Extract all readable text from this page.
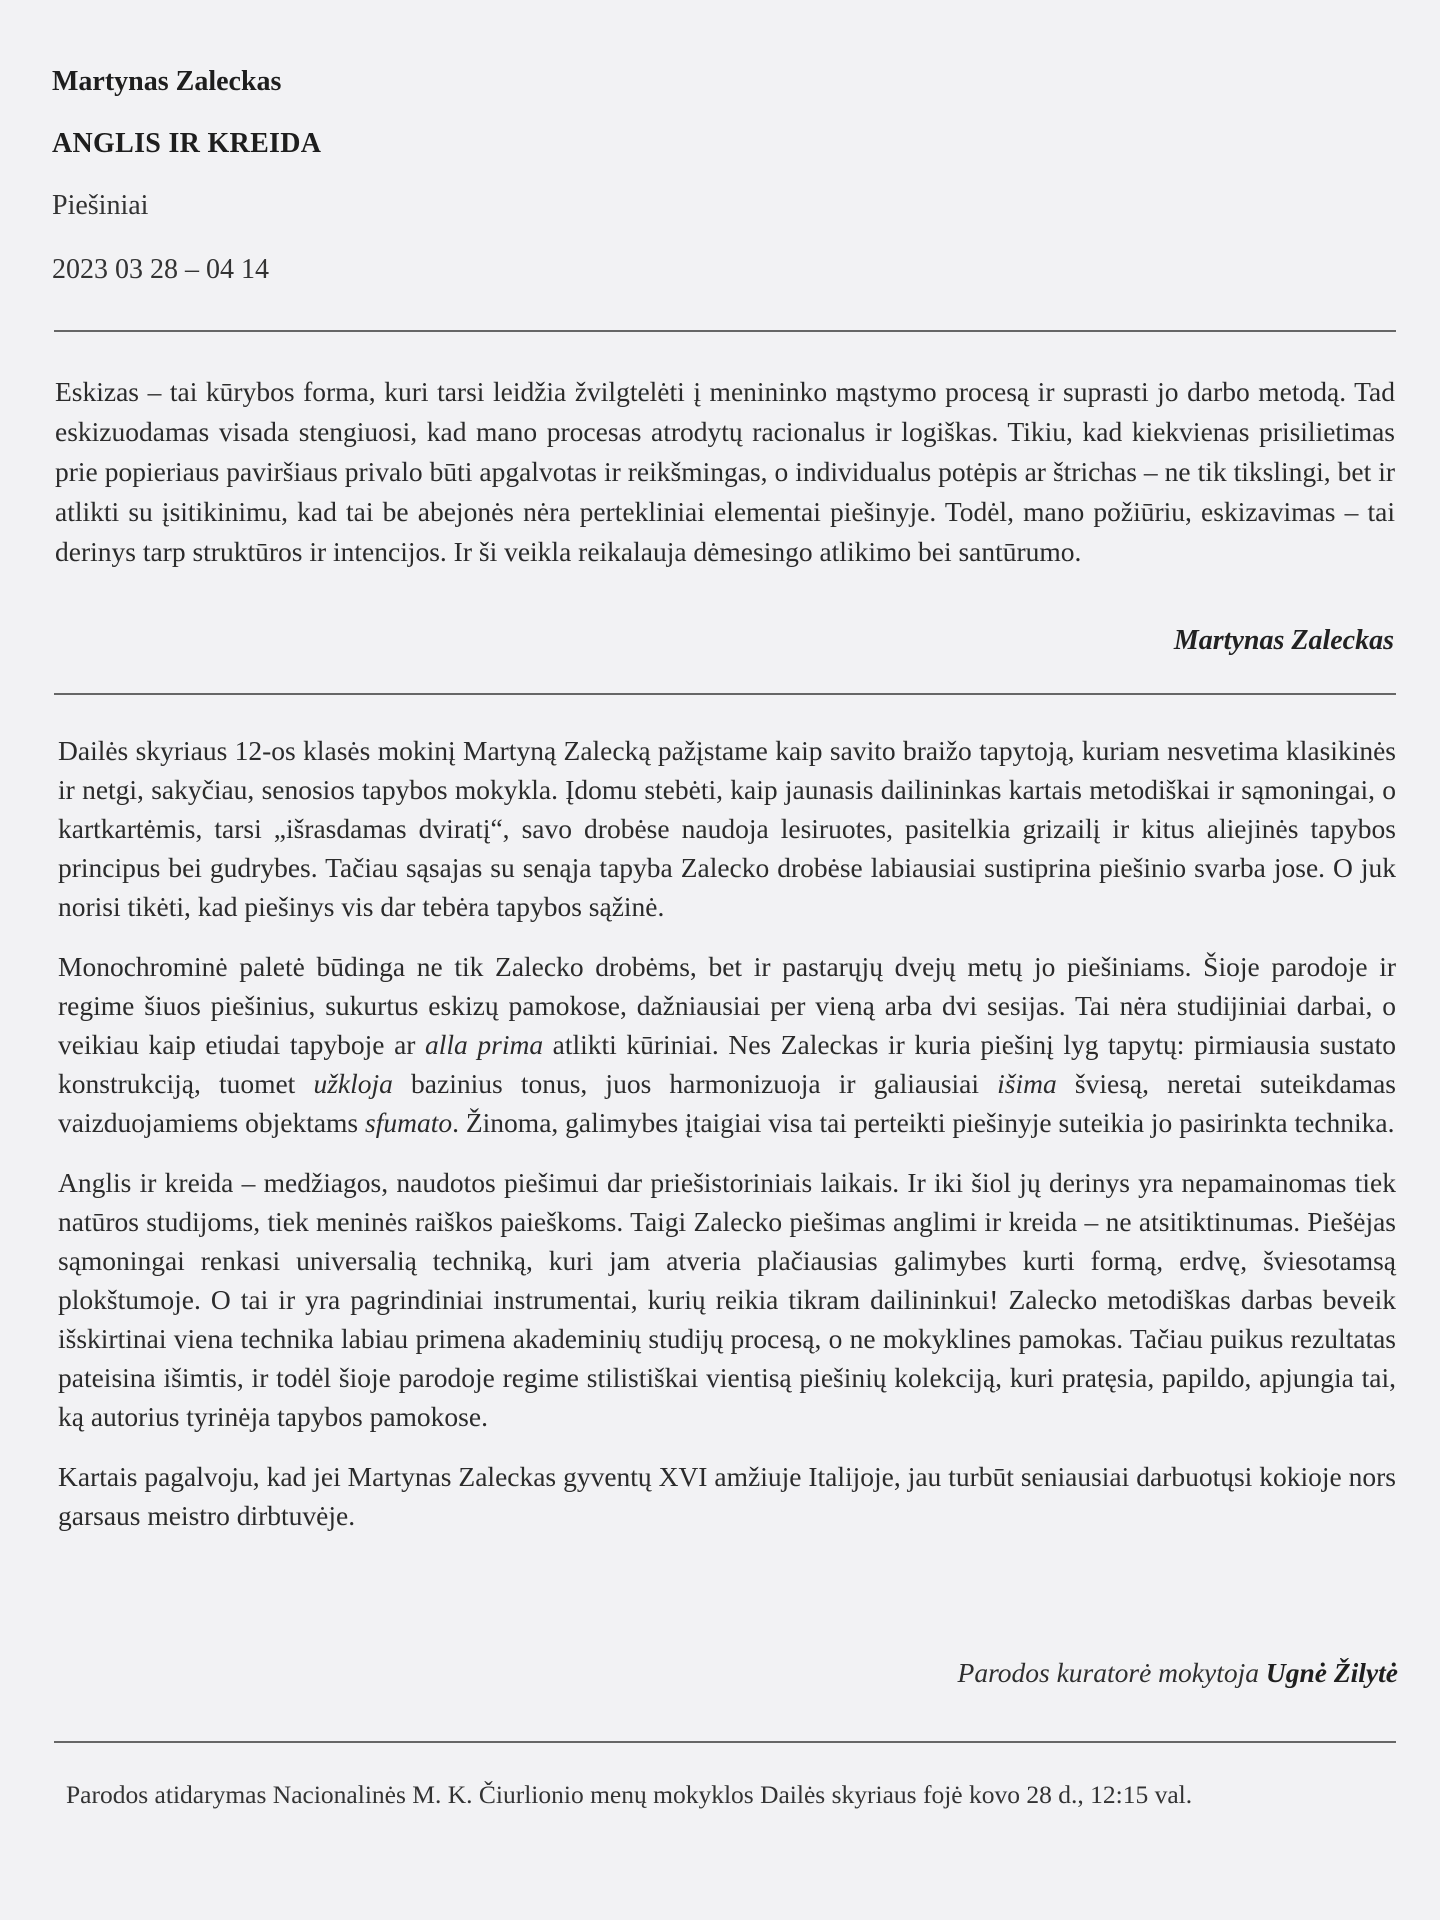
Martynas Zaleckas
ANGLIS IR KREIDA
Piešiniai
2023 03 28 – 04 14

Eskizas – tai kūrybos forma, kuri tarsi leidžia žvilgtelėti į menininko mąstymo procesą ir suprasti jo darbo metodą. Tad eskizuodamas visada stengiuosi, kad mano procesas atrodytų racionalus ir logiškas. Tikiu, kad kiekvienas prisilietimas prie popieriaus paviršiaus privalo būti apgalvotas ir reikšmingas, o individualus potėpis ar štrichas – ne tik tikslingi, bet ir atlikti su įsitikinimu, kad tai be abejonės nėra pertekliniai elementai piešinyje. Todėl, mano požiūriu, eskizavimas – tai derinys tarp struktūros ir intencijos. Ir ši veikla reikalauja dėmesingo atlikimo bei santūrumo.

Martynas Zaleckas

Dailės skyriaus 12-os klasės mokinį Martyną Zalecką pažįstame kaip savito braižo tapytoją, kuriam nesvetima klasikinės ir netgi, sakyčiau, senosios tapybos mokykla. Įdomu stebėti, kaip jaunasis dailininkas kartais metodiškai ir sąmoningai, o kartkartėmis, tarsi „išrasdamas dviratį“, savo drobėse naudoja lesiruotes, pasitelkia grizailį ir kitus aliejinės tapybos principus bei gudrybes. Tačiau sąsajas su senąja tapyba Zalecko drobėse labiausiai sustiprina piešinio svarba jose. O juk norisi tikėti, kad piešinys vis dar tebėra tapybos sąžinė.

Monochrominė paletė būdinga ne tik Zalecko drobėms, bet ir pastarųjų dvejų metų jo piešiniams. Šioje parodoje ir regime šiuos piešinius, sukurtus eskizų pamokose, dažniausiai per vieną arba dvi sesijas. Tai nėra studijiniai darbai, o veikiau kaip etiudai tapyboje ar alla prima atlikti kūriniai. Nes Zaleckas ir kuria piešinį lyg tapytų: pirmiausia sustato konstrukciją, tuomet užkloja bazinius tonus, juos harmonizuoja ir galiausiai išima šviesą, neretai suteikdamas vaizduojamiems objektams sfumato. Žinoma, galimybes įtaigiai visa tai perteikti piešinyje suteikia jo pasirinkta technika.

Anglis ir kreida – medžiagos, naudotos piešimui dar priešistoriniais laikais. Ir iki šiol jų derinys yra nepamainomas tiek natūros studijoms, tiek meninės raiškos paieškoms. Taigi Zalecko piešimas anglimi ir kreida – ne atsitiktinumas. Piešėjas sąmoningai renkasi universalią techniką, kuri jam atveria plačiausias galimybes kurti formą, erdvę, šviesotamsą plokštumoje. O tai ir yra pagrindiniai instrumentai, kurių reikia tikram dailininkui! Zalecko metodiškas darbas beveik išskirtinai viena technika labiau primena akademinių studijų procesą, o ne mokyklines pamokas. Tačiau puikus rezultatas pateisina išimtis, ir todėl šioje parodoje regime stilistiškai vientisą piešinių kolekciją, kuri pratęsia, papildo, apjungia tai, ką autorius tyrinėja tapybos pamokose.

Kartais pagalvoju, kad jei Martynas Zaleckas gyventų XVI amžiuje Italijoje, jau turbūt seniausiai darbuotųsi kokioje nors garsaus meistro dirbtuvėje.

Parodos kuratorė mokytoja Ugnė Žilytė
Parodos atidarymas Nacionalinės M. K. Čiurlionio menų mokyklos Dailės skyriaus fojė kovo 28 d., 12:15 val.
